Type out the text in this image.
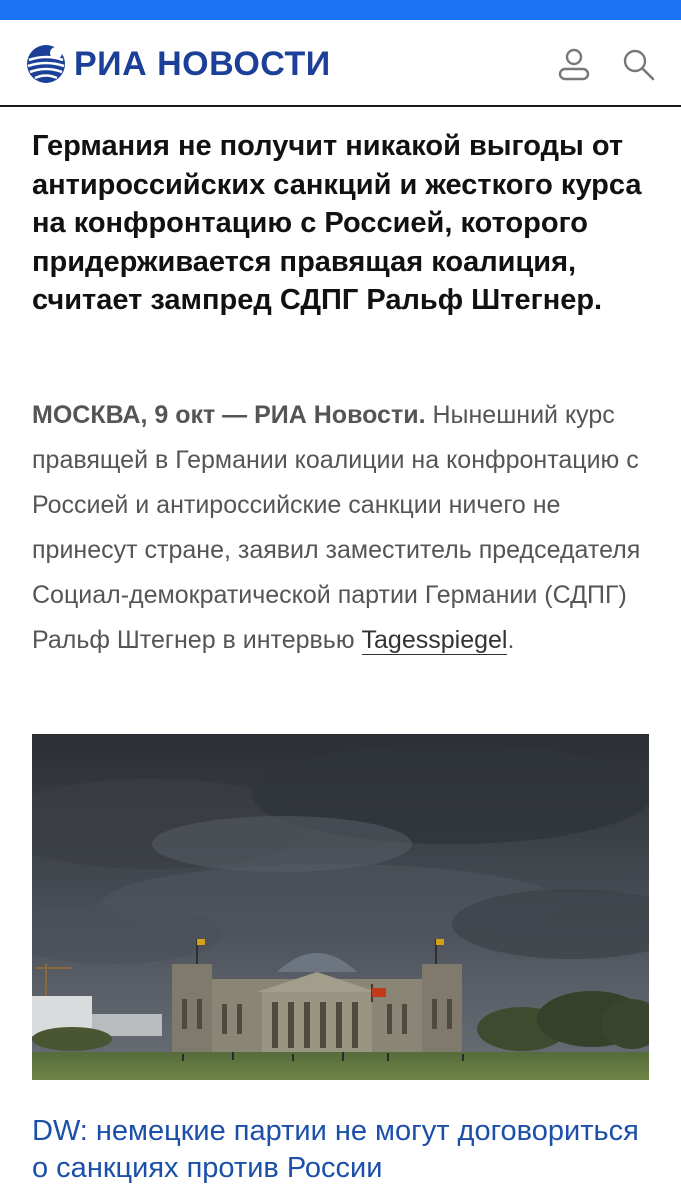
РИА НОВОСТИ
Германия не получит никакой выгоды от антироссийских санкций и жесткого курса на конфронтацию с Россией, которого придерживается правящая коалиция, считает зампред СДПГ Ральф Штегнер.

МОСКВА, 9 окт — РИА Новости. Нынешний курс правящей в Германии коалиции на конфронтацию с Россией и антироссийские санкции ничего не принесут стране, заявил заместитель председателя Социал-демократической партии Германии (СДПГ) Ральф Штегнер в интервью Tagesspiegel.

DW: немецкие партии не могут договориться о санкциях против России
